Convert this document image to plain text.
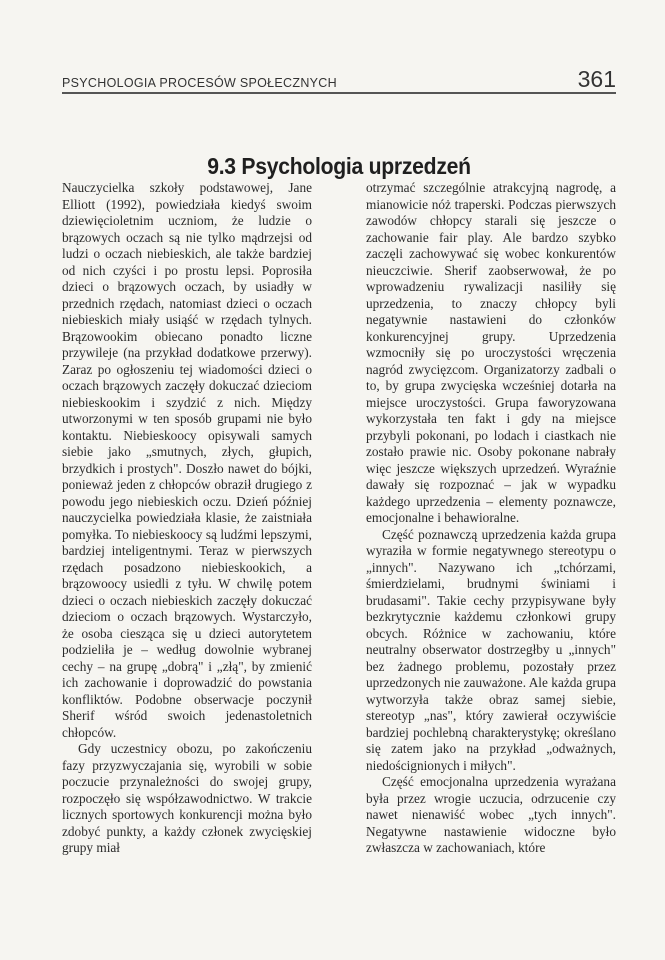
PSYCHOLOGIA PROCESÓW SPOŁECZNYCH	361
9.3 Psychologia uprzedzeń

Nauczycielka szkoły podstawowej, Jane Elliott (1992), powiedziała kiedyś swoim dziewięcioletnim uczniom, że ludzie o brązowych oczach są nie tylko mądrzejsi od ludzi o oczach niebieskich, ale także bardziej od nich czyści i po prostu lepsi. Poprosiła dzieci o brązowych oczach, by usiadły w przednich rzędach, natomiast dzieci o oczach niebieskich miały usiąść w rzędach tylnych. Brązowookim obiecano ponadto liczne przywileje (na przykład dodatkowe przerwy). Zaraz po ogłoszeniu tej wiadomości dzieci o oczach brązowych zaczęły dokuczać dzieciom niebieskookim i szydzić z nich. Między utworzonymi w ten sposób grupami nie było kontaktu. Niebieskoocy opisywali samych siebie jako „smutnych, złych, głupich, brzydkich i prostych". Doszło nawet do bójki, ponieważ jeden z chłopców obraził drugiego z powodu jego niebieskich oczu. Dzień później nauczycielka powiedziała klasie, że zaistniała pomyłka. To niebieskoocy są ludźmi lepszymi, bardziej inteligentnymi. Teraz w pierwszych rzędach posadzono niebieskookich, a brązowoocy usiedli z tyłu. W chwilę potem dzieci o oczach niebieskich zaczęły dokuczać dzieciom o oczach brązowych. Wystarczyło, że osoba ciesząca się u dzieci autorytetem podzieliła je – według dowolnie wybranej cechy – na grupę „dobrą" i „złą", by zmienić ich zachowanie i doprowadzić do powstania konfliktów. Podobne obserwacje poczynił Sherif wśród swoich jedenastoletnich chłopców.

Gdy uczestnicy obozu, po zakończeniu fazy przyzwyczajania się, wyrobili w sobie poczucie przynależności do swojej grupy, rozpoczęło się współzawodnictwo. W trakcie licznych sportowych konkurencji można było zdobyć punkty, a każdy członek zwycięskiej grupy miał

otrzymać szczególnie atrakcyjną nagrodę, a mianowicie nóż traperski. Podczas pierwszych zawodów chłopcy starali się jeszcze o zachowanie fair play. Ale bardzo szybko zaczęli zachowywać się wobec konkurentów nieuczciwie. Sherif zaobserwował, że po wprowadzeniu rywalizacji nasiliły się uprzedzenia, to znaczy chłopcy byli negatywnie nastawieni do członków konkurencyjnej grupy. Uprzedzenia wzmocniły się po uroczystości wręczenia nagród zwycięzcom. Organizatorzy zadbali o to, by grupa zwycięska wcześniej dotarła na miejsce uroczystości. Grupa faworyzowana wykorzystała ten fakt i gdy na miejsce przybyli pokonani, po lodach i ciastkach nie zostało prawie nic. Osoby pokonane nabrały więc jeszcze większych uprzedzeń. Wyraźnie dawały się rozpoznać – jak w wypadku każdego uprzedzenia – elementy poznawcze, emocjonalne i behawioralne.

Część poznawczą uprzedzenia każda grupa wyraziła w formie negatywnego stereotypu o „innych". Nazywano ich „tchórzami, śmierdzielami, brudnymi świniami i brudasami". Takie cechy przypisywane były bezkrytycznie każdemu członkowi grupy obcych. Różnice w zachowaniu, które neutralny obserwator dostrzegłby u „innych" bez żadnego problemu, pozostały przez uprzedzonych nie zauważone. Ale każda grupa wytworzyła także obraz samej siebie, stereotyp „nas", który zawierał oczywiście bardziej pochlebną charakterystykę; określano się zatem jako na przykład „odważnych, niedoścignionych i miłych".

Część emocjonalna uprzedzenia wyrażana była przez wrogie uczucia, odrzucenie czy nawet nienawiść wobec „tych innych". Negatywne nastawienie widoczne było zwłaszcza w zachowaniach, które
